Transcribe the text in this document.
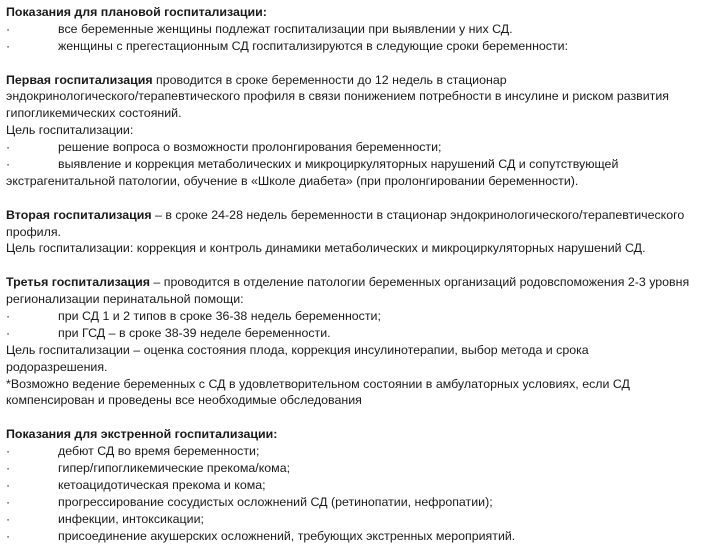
Показания для плановой госпитализации:
·	все беременные женщины подлежат госпитализации при выявлении у них СД.
·	женщины с прегестационным СД госпитализируются в следующие сроки беременности:
Первая госпитализация проводится в сроке беременности до 12 недель в стационар
эндокринологического/терапевтического профиля в связи понижением потребности в инсулине и риском развития
гипогликемических состояний.
Цель госпитализации:
·	решение вопроса о возможности пролонгирования беременности;
·	выявление и коррекция метаболических и микроциркуляторных нарушений СД и сопутствующей
экстрагенитальной патологии, обучение в «Школе диабета» (при пролонгировании беременности).
Вторая госпитализация – в сроке 24-28 недель беременности в стационар эндокринологического/терапевтического
профиля.
Цель госпитализации: коррекция и контроль динамики метаболических и микроциркуляторных нарушений СД.
Третья госпитализация – проводится в отделение патологии беременных организаций родовспоможения 2-3 уровня
регионализации перинатальной помощи:
·	при СД 1 и 2 типов в сроке 36-38 недель беременности;
·	при ГСД – в сроке 38-39 неделе беременности.
Цель госпитализации – оценка состояния плода, коррекция инсулинотерапии, выбор метода и срока
родоразрешения.
*Возможно ведение беременных с СД в удовлетворительном состоянии в амбулаторных условиях, если СД
компенсирован и проведены все необходимые обследования
Показания для экстренной госпитализации:
·	дебют СД во время беременности;
·	гипер/гипогликемические прекома/кома;
·	кетоацидотическая прекома и кома;
·	прогрессирование сосудистых осложнений СД (ретинопатии, нефропатии);
·	инфекции, интоксикации;
·	присоединение акушерских осложнений, требующих экстренных мероприятий.
